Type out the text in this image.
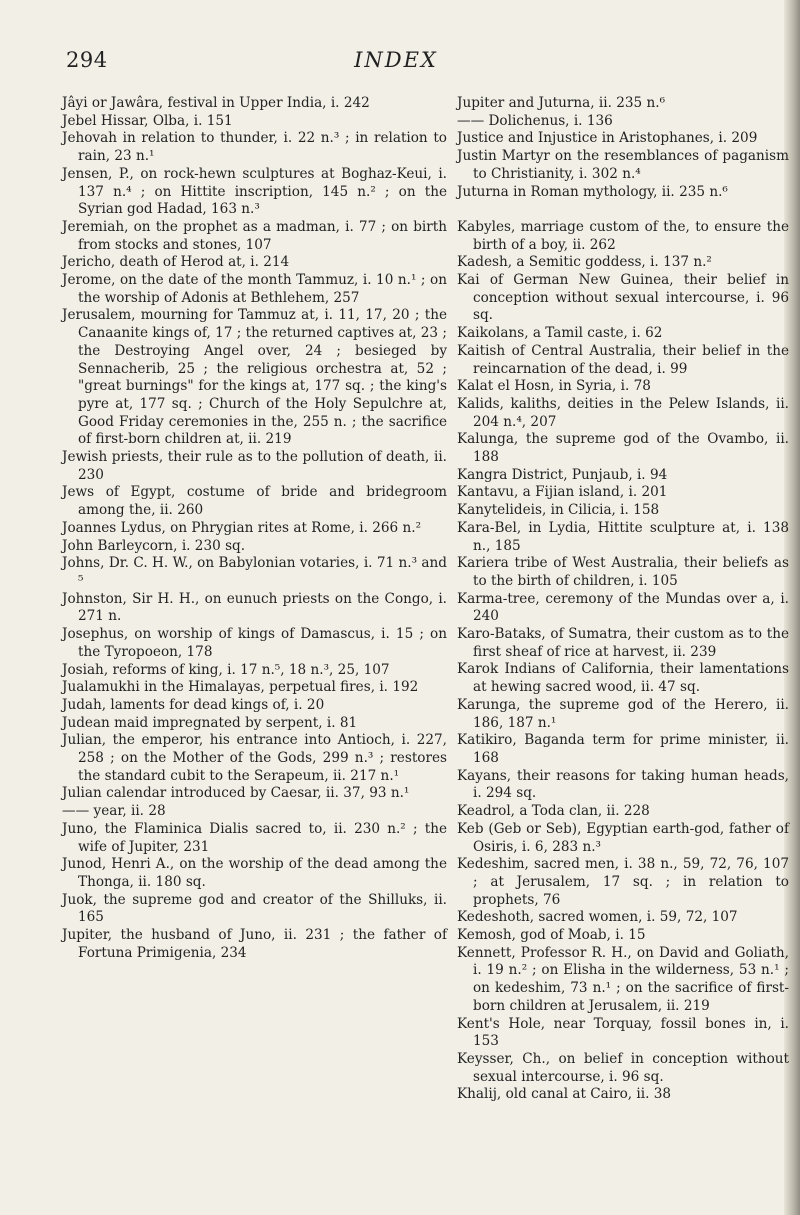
294	INDEX

Jâyi or Jawâra, festival in Upper India, i. 242

Jebel Hissar, Olba, i. 151

Jehovah in relation to thunder, i. 22 n.³ ; in relation to rain, 23 n.¹

Jensen, P., on rock-hewn sculptures at Boghaz-Keui, i. 137 n.⁴ ; on Hittite inscription, 145 n.² ; on the Syrian god Hadad, 163 n.³

Jeremiah, on the prophet as a madman, i. 77 ; on birth from stocks and stones, 107

Jericho, death of Herod at, i. 214

Jerome, on the date of the month Tammuz, i. 10 n.¹ ; on the worship of Adonis at Bethlehem, 257

Jerusalem, mourning for Tammuz at, i. 11, 17, 20 ; the Canaanite kings of, 17 ; the returned captives at, 23 ; the Destroying Angel over, 24 ; besieged by Sennacherib, 25 ; the religious orchestra at, 52 ; "great burnings" for the kings at, 177 sq. ; the king's pyre at, 177 sq. ; Church of the Holy Sepulchre at, Good Friday ceremonies in the, 255 n. ; the sacrifice of first-born children at, ii. 219

Jewish priests, their rule as to the pollution of death, ii. 230

Jews of Egypt, costume of bride and bridegroom among the, ii. 260

Joannes Lydus, on Phrygian rites at Rome, i. 266 n.²

John Barleycorn, i. 230 sq.

Johns, Dr. C. H. W., on Babylonian votaries, i. 71 n.³ and ⁵

Johnston, Sir H. H., on eunuch priests on the Congo, i. 271 n.

Josephus, on worship of kings of Damascus, i. 15 ; on the Tyropoeon, 178

Josiah, reforms of king, i. 17 n.⁵, 18 n.³, 25, 107

Jualamukhi in the Himalayas, perpetual fires, i. 192

Judah, laments for dead kings of, i. 20

Judean maid impregnated by serpent, i. 81

Julian, the emperor, his entrance into Antioch, i. 227, 258 ; on the Mother of the Gods, 299 n.³ ; restores the standard cubit to the Serapeum, ii. 217 n.¹

Julian calendar introduced by Caesar, ii. 37, 93 n.¹

—— year, ii. 28

Juno, the Flaminica Dialis sacred to, ii. 230 n.² ; the wife of Jupiter, 231

Junod, Henri A., on the worship of the dead among the Thonga, ii. 180 sq.

Juok, the supreme god and creator of the Shilluks, ii. 165

Jupiter, the husband of Juno, ii. 231 ; the father of Fortuna Primigenia, 234

Jupiter and Juturna, ii. 235 n.⁶

—— Dolichenus, i. 136

Justice and Injustice in Aristophanes, i. 209

Justin Martyr on the resemblances of paganism to Christianity, i. 302 n.⁴

Juturna in Roman mythology, ii. 235 n.⁶

Kabyles, marriage custom of the, to ensure the birth of a boy, ii. 262

Kadesh, a Semitic goddess, i. 137 n.²

Kai of German New Guinea, their belief in conception without sexual intercourse, i. 96 sq.

Kaikolans, a Tamil caste, i. 62

Kaitish of Central Australia, their belief in the reincarnation of the dead, i. 99

Kalat el Hosn, in Syria, i. 78

Kalids, kaliths, deities in the Pelew Islands, ii. 204 n.⁴, 207

Kalunga, the supreme god of the Ovambo, ii. 188

Kangra District, Punjaub, i. 94

Kantavu, a Fijian island, i. 201

Kanytelideis, in Cilicia, i. 158

Kara-Bel, in Lydia, Hittite sculpture at, i. 138 n., 185

Kariera tribe of West Australia, their beliefs as to the birth of children, i. 105

Karma-tree, ceremony of the Mundas over a, i. 240

Karo-Bataks, of Sumatra, their custom as to the first sheaf of rice at harvest, ii. 239

Karok Indians of California, their lamentations at hewing sacred wood, ii. 47 sq.

Karunga, the supreme god of the Herero, ii. 186, 187 n.¹

Katikiro, Baganda term for prime minister, ii. 168

Kayans, their reasons for taking human heads, i. 294 sq.

Keadrol, a Toda clan, ii. 228

Keb (Geb or Seb), Egyptian earth-god, father of Osiris, i. 6, 283 n.³

Kedeshim, sacred men, i. 38 n., 59, 72, 76, 107 ; at Jerusalem, 17 sq. ; in relation to prophets, 76

Kedeshoth, sacred women, i. 59, 72, 107

Kemosh, god of Moab, i. 15

Kennett, Professor R. H., on David and Goliath, i. 19 n.² ; on Elisha in the wilderness, 53 n.¹ ; on kedeshim, 73 n.¹ ; on the sacrifice of first-born children at Jerusalem, ii. 219

Kent's Hole, near Torquay, fossil bones in, i. 153

Keysser, Ch., on belief in conception without sexual intercourse, i. 96 sq.

Khalij, old canal at Cairo, ii. 38
